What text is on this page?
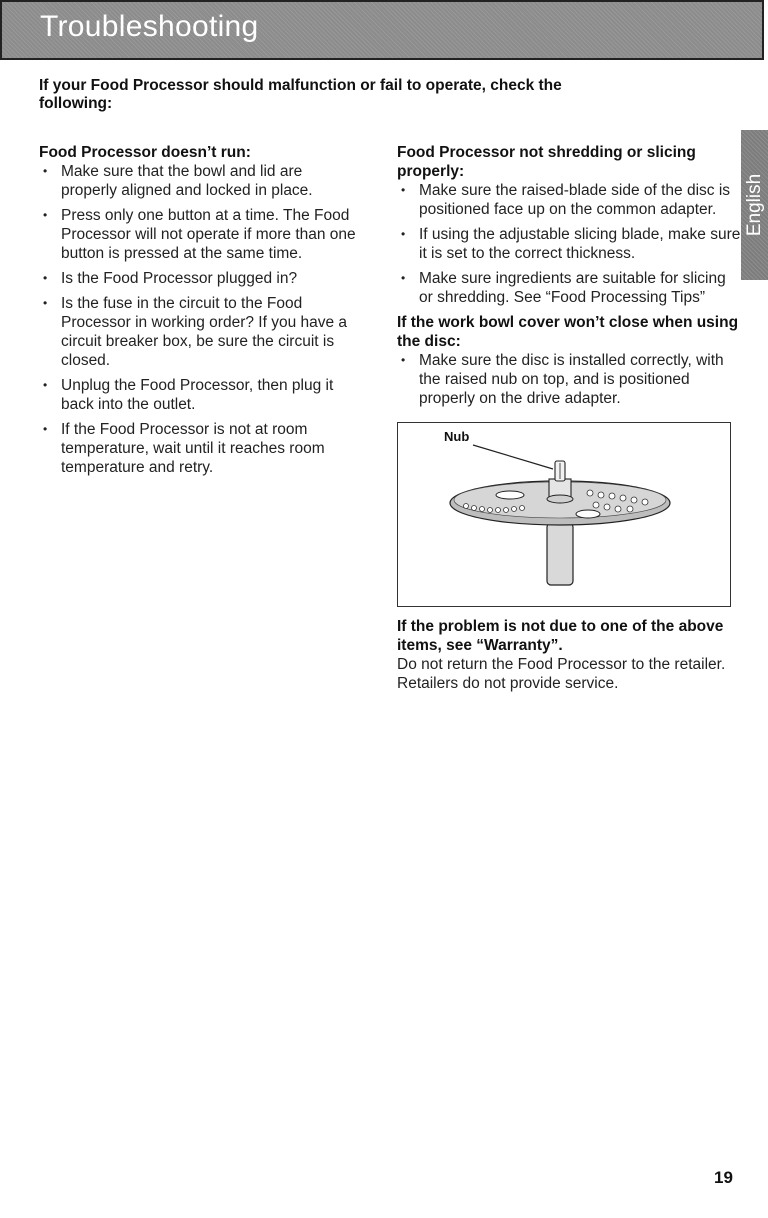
Troubleshooting
If your Food Processor should malfunction or fail to operate, check the following:

Food Processor doesn’t run:

• Make sure that the bowl and lid are properly aligned and locked in place.
• Press only one button at a time. The Food Processor will not operate if more than one button is pressed at the same time.
• Is the Food Processor plugged in?
• Is the fuse in the circuit to the Food Processor in working order? If you have a circuit breaker box, be sure the circuit is closed.
• Unplug the Food Processor, then plug it back into the outlet.
• If the Food Processor is not at room temperature, wait until it reaches room temperature and retry.

Food Processor not shredding or slicing properly:

• Make sure the raised-blade side of the disc is positioned face up on the common adapter.
• If using the adjustable slicing blade, make sure it is set to the correct thickness.
• Make sure ingredients are suitable for slicing or shredding. See “Food Processing Tips”

If the work bowl cover won’t close when using the disc:

• Make sure the disc is installed correctly, with the raised nub on top, and is positioned properly on the drive adapter.
Nub
If the problem is not due to one of the above items, see “Warranty”.
Do not return the Food Processor to the retailer. Retailers do not provide service.
English
19
